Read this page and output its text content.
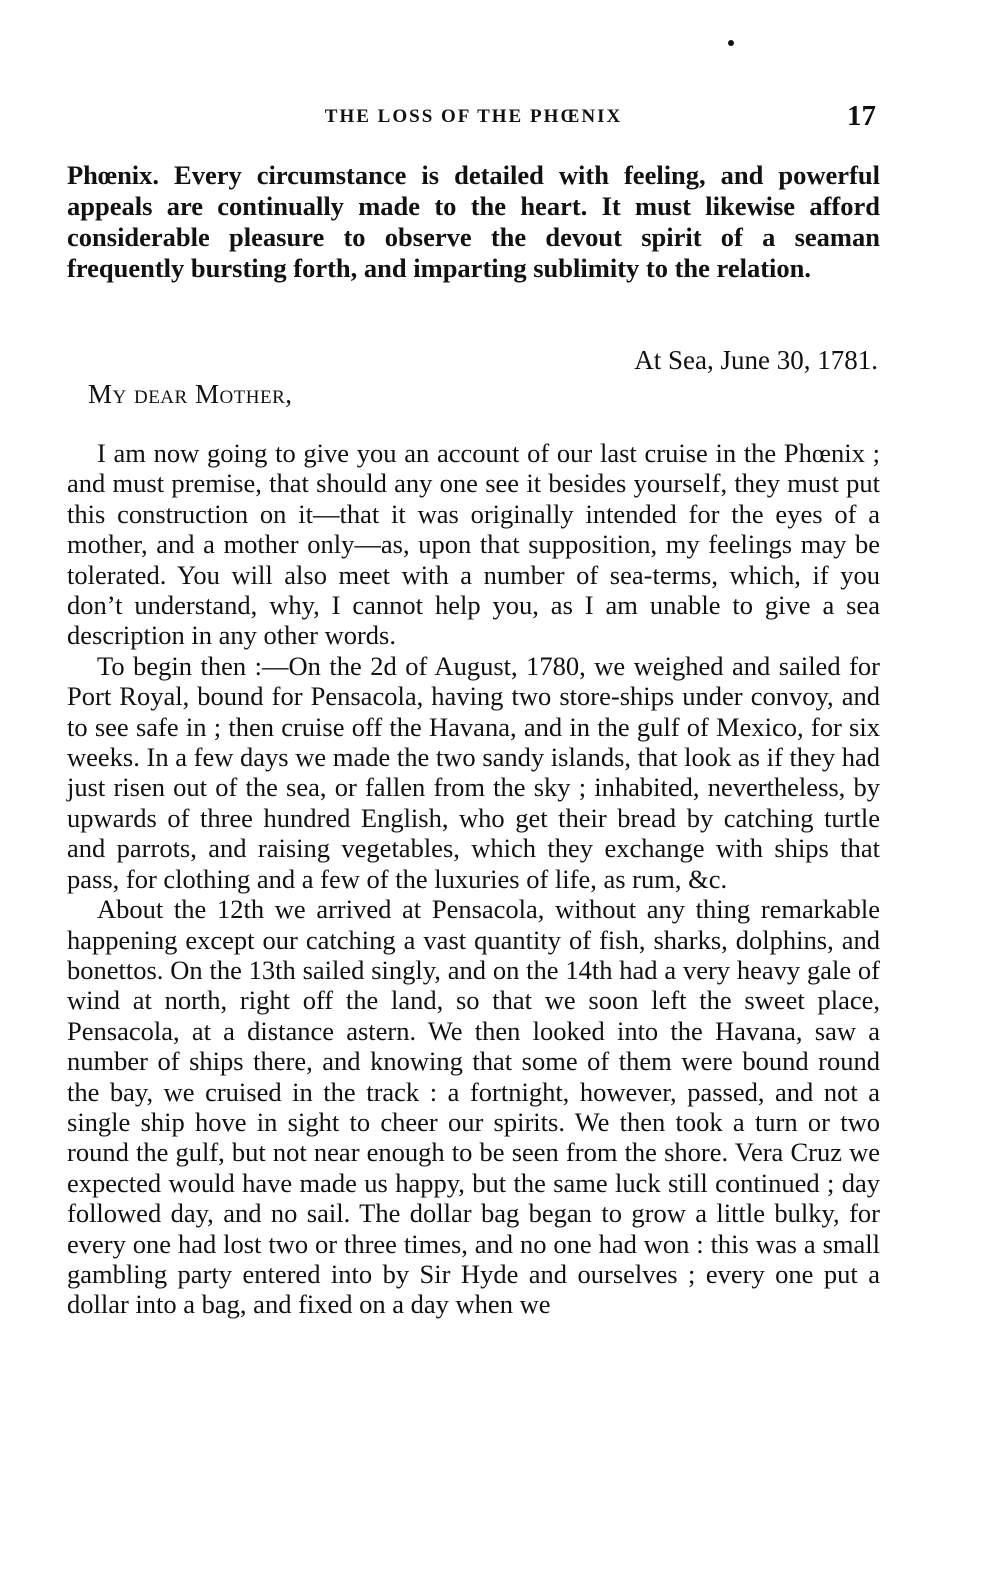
THE LOSS OF THE PHŒNIX	17
Phœnix. Every circumstance is detailed with feeling, and powerful appeals are continually made to the heart. It must likewise afford considerable pleasure to observe the devout spirit of a seaman frequently bursting forth, and imparting sublimity to the relation.
At Sea, June 30, 1781.
My dear Mother,

I am now going to give you an account of our last cruise in the Phœnix ; and must premise, that should any one see it besides yourself, they must put this construction on it—that it was originally intended for the eyes of a mother, and a mother only—as, upon that supposition, my feelings may be tolerated. You will also meet with a number of sea-terms, which, if you don’t understand, why, I cannot help you, as I am unable to give a sea description in any other words.

To begin then :—On the 2d of August, 1780, we weighed and sailed for Port Royal, bound for Pensacola, having two store-ships under convoy, and to see safe in ; then cruise off the Havana, and in the gulf of Mexico, for six weeks. In a few days we made the two sandy islands, that look as if they had just risen out of the sea, or fallen from the sky ; inhabited, nevertheless, by upwards of three hundred English, who get their bread by catching turtle and parrots, and raising vegetables, which they exchange with ships that pass, for clothing and a few of the luxuries of life, as rum, &c.

About the 12th we arrived at Pensacola, without any thing remarkable happening except our catching a vast quantity of fish, sharks, dolphins, and bonettos. On the 13th sailed singly, and on the 14th had a very heavy gale of wind at north, right off the land, so that we soon left the sweet place, Pensacola, at a distance astern. We then looked into the Havana, saw a number of ships there, and knowing that some of them were bound round the bay, we cruised in the track : a fortnight, however, passed, and not a single ship hove in sight to cheer our spirits. We then took a turn or two round the gulf, but not near enough to be seen from the shore. Vera Cruz we expected would have made us happy, but the same luck still continued ; day followed day, and no sail. The dollar bag began to grow a little bulky, for every one had lost two or three times, and no one had won : this was a small gambling party entered into by Sir Hyde and ourselves ; every one put a dollar into a bag, and fixed on a day when we
